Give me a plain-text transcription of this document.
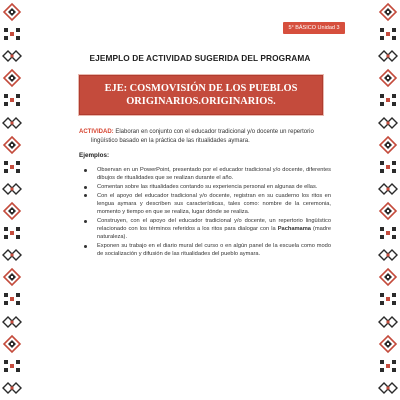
5° BÁSICO Unidad 3
EJEMPLO DE ACTIVIDAD SUGERIDA DEL PROGRAMA
EJE: COSMOVISIÓN DE LOS PUEBLOS
ORIGINARIOS.ORIGINARIOS.
ACTIVIDAD: Elaboran en conjunto con el educador tradicional y/o docente un repertorio
lingüístico basado en la práctica de las ritualidades aymara.
Ejemplos:
Observan en un PowerPoint, presentado por el educador tradicional y/o docente, diferentes dibujos de ritualidades que se realizan durante el año.
Comentan sobre las ritualidades contando su experiencia personal en algunas de ellas.
Con el apoyo del educador tradicional y/o docente, registran en su cuaderno los ritos en lengua aymara y describen sus características, tales como: nombre de la ceremonia, momento y tiempo en que se realiza, lugar dónde se realiza.
Construyen, con el apoyo del educador tradicional y/o docente, un repertorio lingüístico relacionado con los términos referidos a los ritos para dialogar con la Pachamama (madre naturaleza).
Exponen su trabajo en el diario mural del curso o en algún panel de la escuela como modo de socialización y difusión de las ritualidades del pueblo aymara.
